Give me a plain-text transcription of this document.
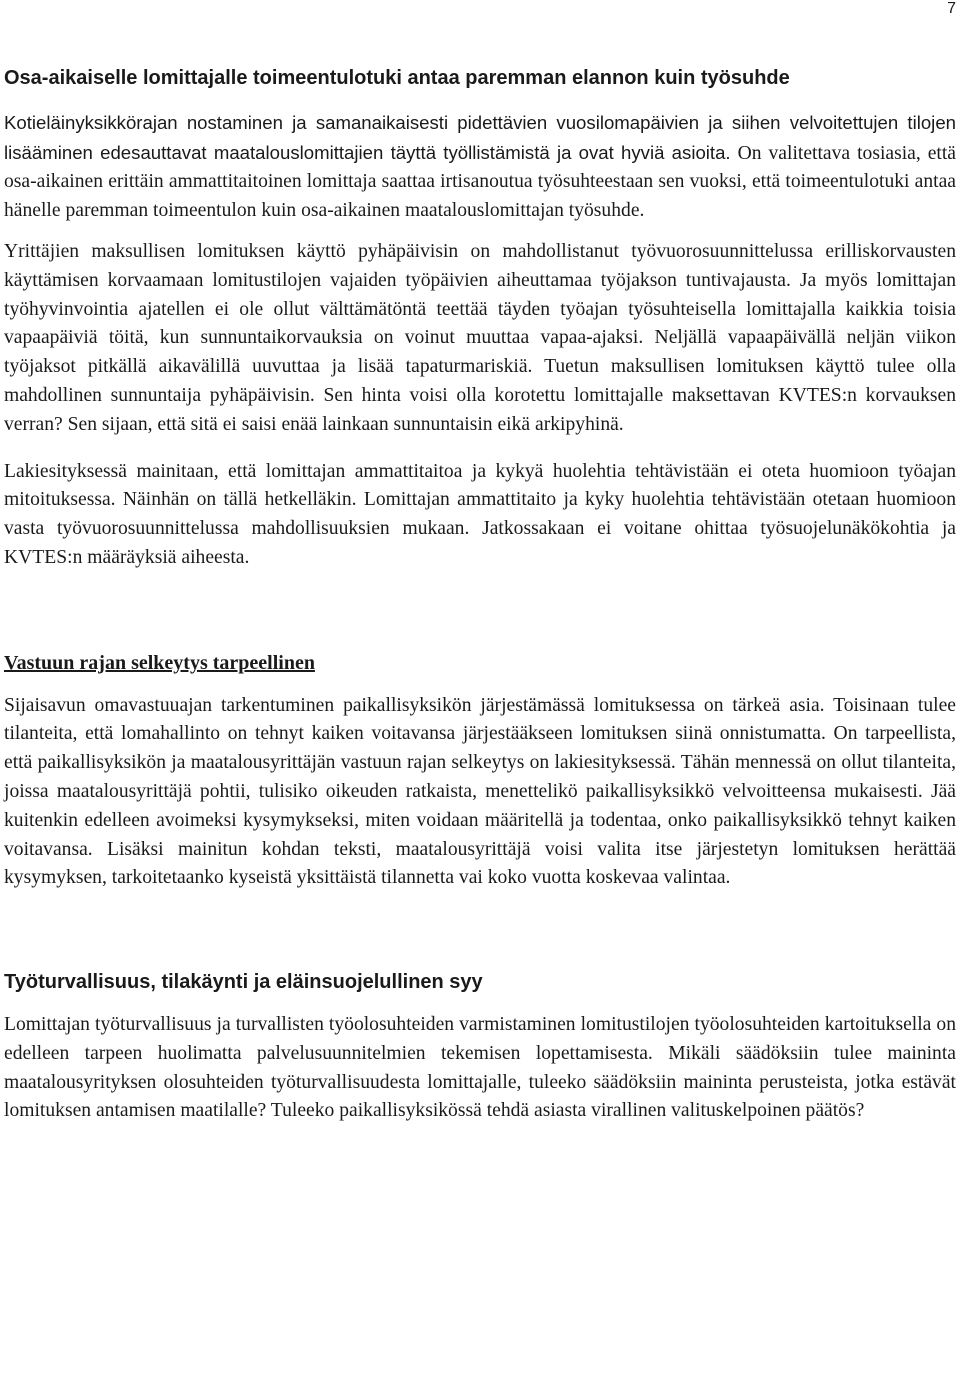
7
Osa-aikaiselle lomittajalle toimeentulotuki antaa paremman elannon kuin työsuhde

Kotieläinyksikkörajan nostaminen ja samanaikaisesti pidettävien vuosilomapäivien ja siihen velvoitettujen tilojen lisääminen edesauttavat maatalouslomittajien täyttä työllistämistä ja ovat hyviä asioita. On valitettava tosiasia, että osa-aikainen erittäin ammattitaitoinen lomittaja saattaa irtisanoutua työsuhteestaan sen vuoksi, että toimeentulotuki antaa hänelle paremman toimeentulon kuin osa-aikainen maatalouslomittajan työsuhde.

Yrittäjien maksullisen lomituksen käyttö pyhäpäivisin on mahdollistanut työvuorosuunnittelussa erilliskorvausten käyttämisen korvaamaan lomitustilojen vajaiden työpäivien aiheuttamaa työjakson tuntivajausta. Ja myös lomittajan työhyvinvointia ajatellen ei ole ollut välttämätöntä teettää täyden työajan työsuhteisella lomittajalla kaikkia toisia vapaapäiviä töitä, kun sunnuntaikorvauksia on voinut muuttaa vapaa-ajaksi. Neljällä vapaapäivällä neljän viikon työjaksot pitkällä aikavälillä uuvuttaa ja lisää tapaturmariskiä. Tuetun maksullisen lomituksen käyttö tulee olla mahdollinen sunnuntaija pyhäpäivisin. Sen hinta voisi olla korotettu lomittajalle maksettavan KVTES:n korvauksen verran? Sen sijaan, että sitä ei saisi enää lainkaan sunnuntaisin eikä arkipyhinä.

Lakiesityksessä mainitaan, että lomittajan ammattitaitoa ja kykyä huolehtia tehtävistään ei oteta huomioon työajan mitoituksessa. Näinhän on tällä hetkelläkin. Lomittajan ammattitaito ja kyky huolehtia tehtävistään otetaan huomioon vasta työvuorosuunnittelussa mahdollisuuksien mukaan. Jatkossakaan ei voitane ohittaa työsuojelunäkökohtia ja KVTES:n määräyksiä aiheesta.

Vastuun rajan selkeytys tarpeellinen

Sijaisavun omavastuuajan tarkentuminen paikallisyksikön järjestämässä lomituksessa on tärkeä asia. Toisinaan tulee tilanteita, että lomahallinto on tehnyt kaiken voitavansa järjestääkseen lomituksen siinä onnistumatta. On tarpeellista, että paikallisyksikön ja maatalousyrittäjän vastuun rajan selkeytys on lakiesityksessä. Tähän mennessä on ollut tilanteita, joissa maatalousyrittäjä pohtii, tulisiko oikeuden ratkaista, menettelikö paikallisyksikkö velvoitteensa mukaisesti. Jää kuitenkin edelleen avoimeksi kysymykseksi, miten voidaan määritellä ja todentaa, onko paikallisyksikkö tehnyt kaiken voitavansa. Lisäksi mainitun kohdan teksti, maatalousyrittäjä voisi valita itse järjestetyn lomituksen herättää kysymyksen, tarkoitetaanko kyseistä yksittäistä tilannetta vai koko vuotta koskevaa valintaa.

Työturvallisuus, tilakäynti ja eläinsuojelullinen syy

Lomittajan työturvallisuus ja turvallisten työolosuhteiden varmistaminen lomitustilojen työolosuhteiden kartoituksella on edelleen tarpeen huolimatta palvelusuunnitelmien tekemisen lopettamisesta. Mikäli säädöksiin tulee maininta maatalousyrityksen olosuhteiden työturvallisuudesta lomittajalle, tuleeko säädöksiin maininta perusteista, jotka estävät lomituksen antamisen maatilalle? Tuleeko paikallisyksikössä tehdä asiasta virallinen valituskelpoinen päätös?
